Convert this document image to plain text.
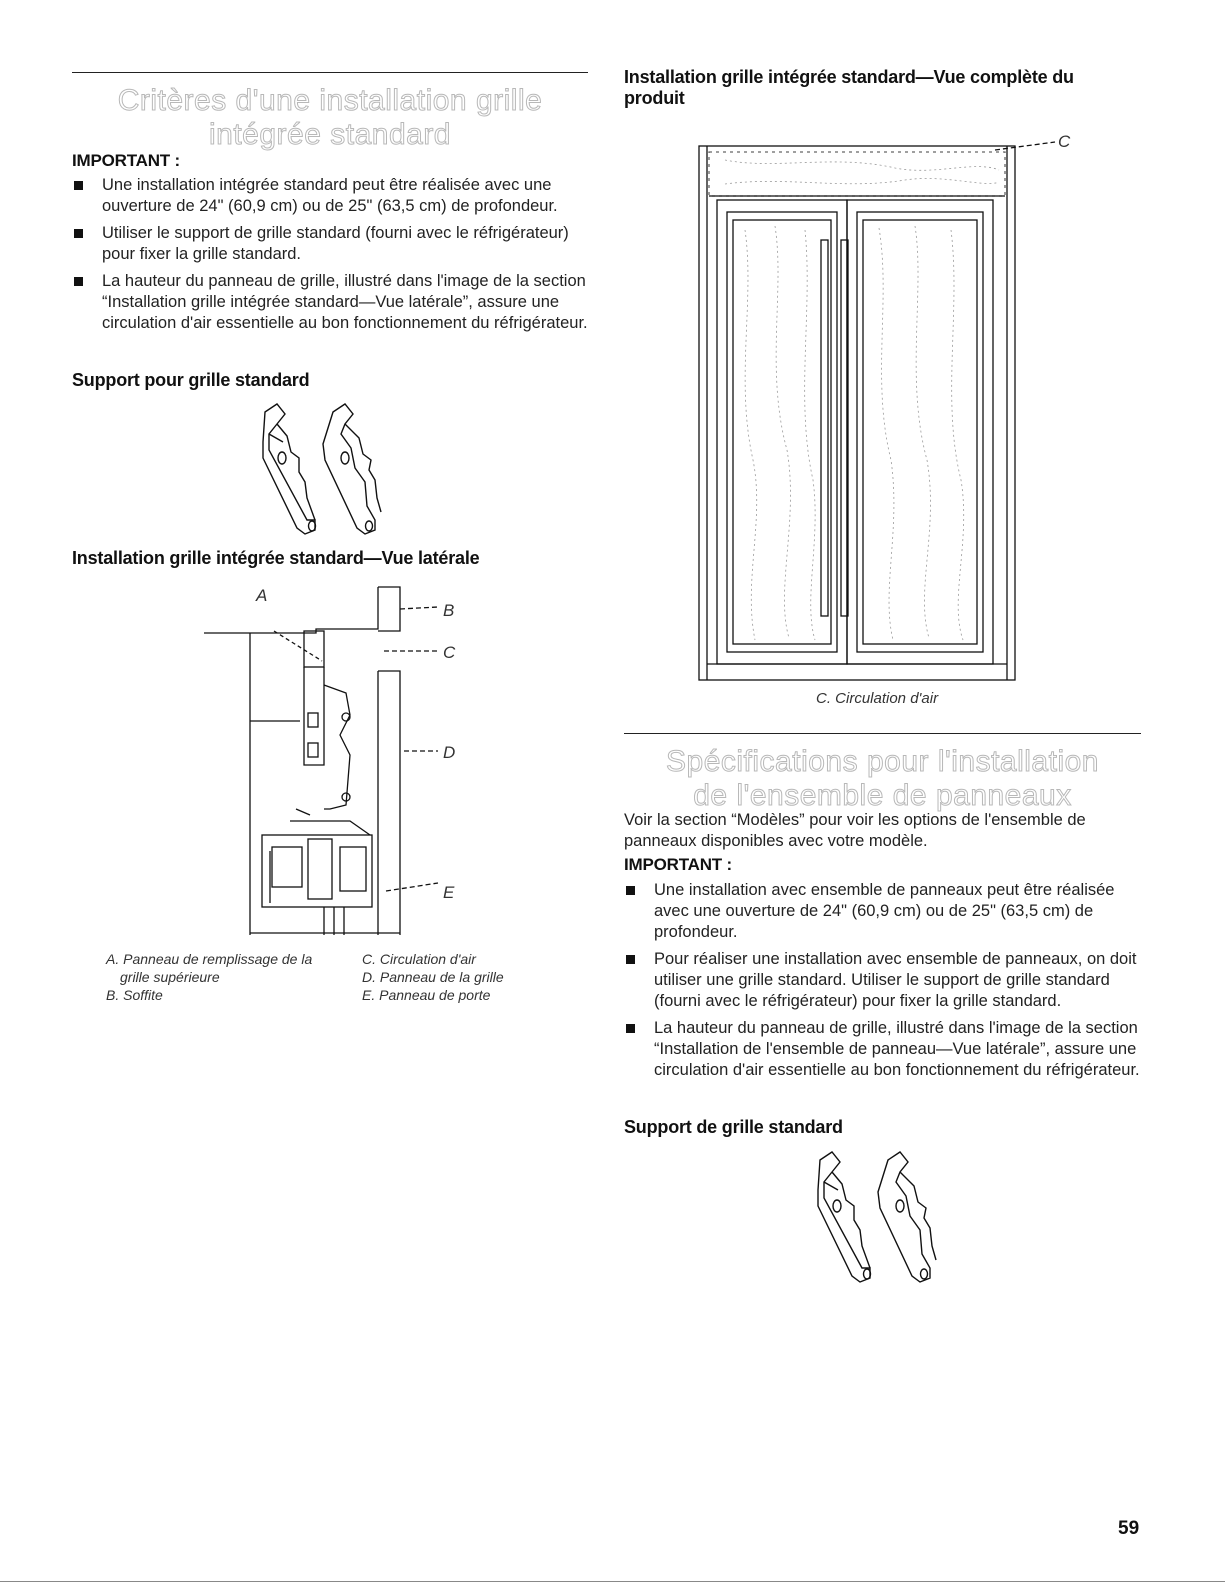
Critères d'une installation grille
intégrée standard
IMPORTANT :
Une installation intégrée standard peut être réalisée avec une ouverture de 24" (60,9 cm) ou de 25" (63,5 cm) de profondeur.
Utiliser le support de grille standard (fourni avec le réfrigérateur) pour fixer la grille standard.
La hauteur du panneau de grille, illustré dans l'image de la section “Installation grille intégrée standard—Vue latérale”, assure une circulation d'air essentielle au bon fonctionnement du réfrigérateur.
Support pour grille standard
Installation grille intégrée standard—Vue latérale
A
B
C
D
E
A. Panneau de remplissage de la
grille supérieure
B. Soffite
C. Circulation d'air
D. Panneau de la grille
E. Panneau de porte
Installation grille intégrée standard—Vue complète du
produit
C
C. Circulation d'air
Spécifications pour l'installation
de l'ensemble de panneaux
Voir la section “Modèles” pour voir les options de l'ensemble de panneaux disponibles avec votre modèle.
IMPORTANT :
Une installation avec ensemble de panneaux peut être réalisée avec une ouverture de 24" (60,9 cm) ou de 25" (63,5 cm) de profondeur.
Pour réaliser une installation avec ensemble de panneaux, on doit utiliser une grille standard. Utiliser le support de grille standard (fourni avec le réfrigérateur) pour fixer la grille standard.
La hauteur du panneau de grille, illustré dans l'image de la section “Installation de l'ensemble de panneau—Vue latérale”, assure une circulation d'air essentielle au bon fonctionnement du réfrigérateur.
Support de grille standard
59
